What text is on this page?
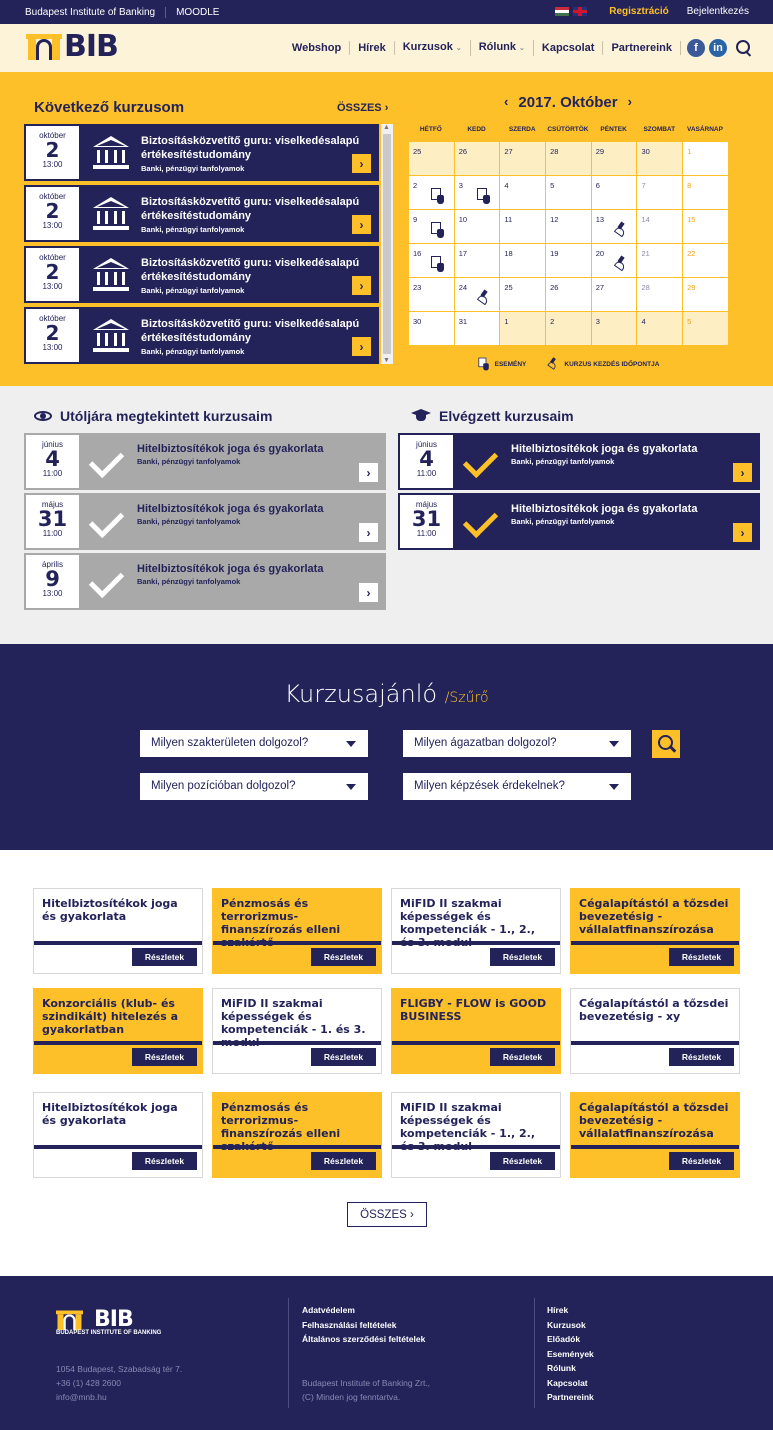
Budapest Institute of Banking MOODLE	Regisztráció Bejelentkezés
BIB	Webshop	Hírek	Kurzusok ⌄	Rólunk ⌄	Kapcsolat	Partnereink	f	in
Következő kurzusom	ÖSSZES ›
október
2
13:00
Biztosításközvetítő guru: viselkedésalapú értékesítéstudomány
Banki, pénzügyi tanfolyamok	›
október
2
13:00
Biztosításközvetítő guru: viselkedésalapú értékesítéstudomány
Banki, pénzügyi tanfolyamok	›
október
2
13:00
Biztosításközvetítő guru: viselkedésalapú értékesítéstudomány
Banki, pénzügyi tanfolyamok	›
október
2
13:00
Biztosításközvetítő guru: viselkedésalapú értékesítéstudomány
Banki, pénzügyi tanfolyamok	›
▲
▼
‹ 2017. Október ›
HÉTFŐ	KEDD	SZERDA	CSÜTÖRTÖK	PÉNTEK	SZOMBAT	VASÁRNAP
25	26	27	28	29	30	1
2	3	4	5	6	7	8
9	10	11	12	13	14	15
16	17	18	19	20	21	22
23	24	25	26	27	28	29
30	31	1	2	3	4	5
ESEMÉNY	KURZUS KEZDÉS IDŐPONTJA
Utóljára megtekintett kurzusaim	Elvégzett kurzusaim
június
4
11:00
Hitelbiztosítékok joga és gyakorlata
Banki, pénzügyi tanfolyamok
›
május
31
11:00
Hitelbiztosítékok joga és gyakorlata
Banki, pénzügyi tanfolyamok
›
április
9
13:00
Hitelbiztosítékok joga és gyakorlata
Banki, pénzügyi tanfolyamok
›
június
4
11:00
Hitelbiztosítékok joga és gyakorlata
Banki, pénzügyi tanfolyamok
›
május
31
11:00
Hitelbiztosítékok joga és gyakorlata
Banki, pénzügyi tanfolyamok
›
Kurzusajánló /Szűrő
Milyen szakterületen dolgozol?	Milyen ágazatban dolgozol?
Milyen pozícióban dolgozol?	Milyen képzések érdekelnek?
Hitelbiztosítékok joga és gyakorlata
Részletek
Pénzmosás és terrorizmus-finanszírozás elleni
Részletek
MiFID II szakmai képességek és kompetenciák - 1., 2.,
Részletek
Cégalapítástól a tőzsdei bevezetésig - vállalatfinanszírozása
Részletek
Konzorciális (klub- és szindikált) hitelezés a gyakorlatban
Részletek
MiFID II szakmai képességek és kompetenciák - 1. és 3.
Részletek
FLIGBY - FLOW is GOOD BUSINESS
Részletek
Cégalapítástól a tőzsdei bevezetésig - xy
Részletek
Hitelbiztosítékok joga és gyakorlata
Részletek
Pénzmosás és terrorizmus-finanszírozás elleni
Részletek
MiFID II szakmai képességek és kompetenciák - 1., 2.,
Részletek
Cégalapítástól a tőzsdei bevezetésig - vállalatfinanszírozása
Részletek
ÖSSZES
›
BIB
BUDAPEST INSTITUTE OF BANKING
1054 Budapest, Szabadság tér 7.
+36 (1) 428 2600
info@mnb.hu
Adatvédelem
Felhasználási feltételek
Általános szerződési feltételek
Budapest Institute of Banking Zrt.,
(C) Minden jog fenntartva.
Hírek
Kurzusok
Előadók
Események
Rólunk
Kapcsolat
Partnereink
